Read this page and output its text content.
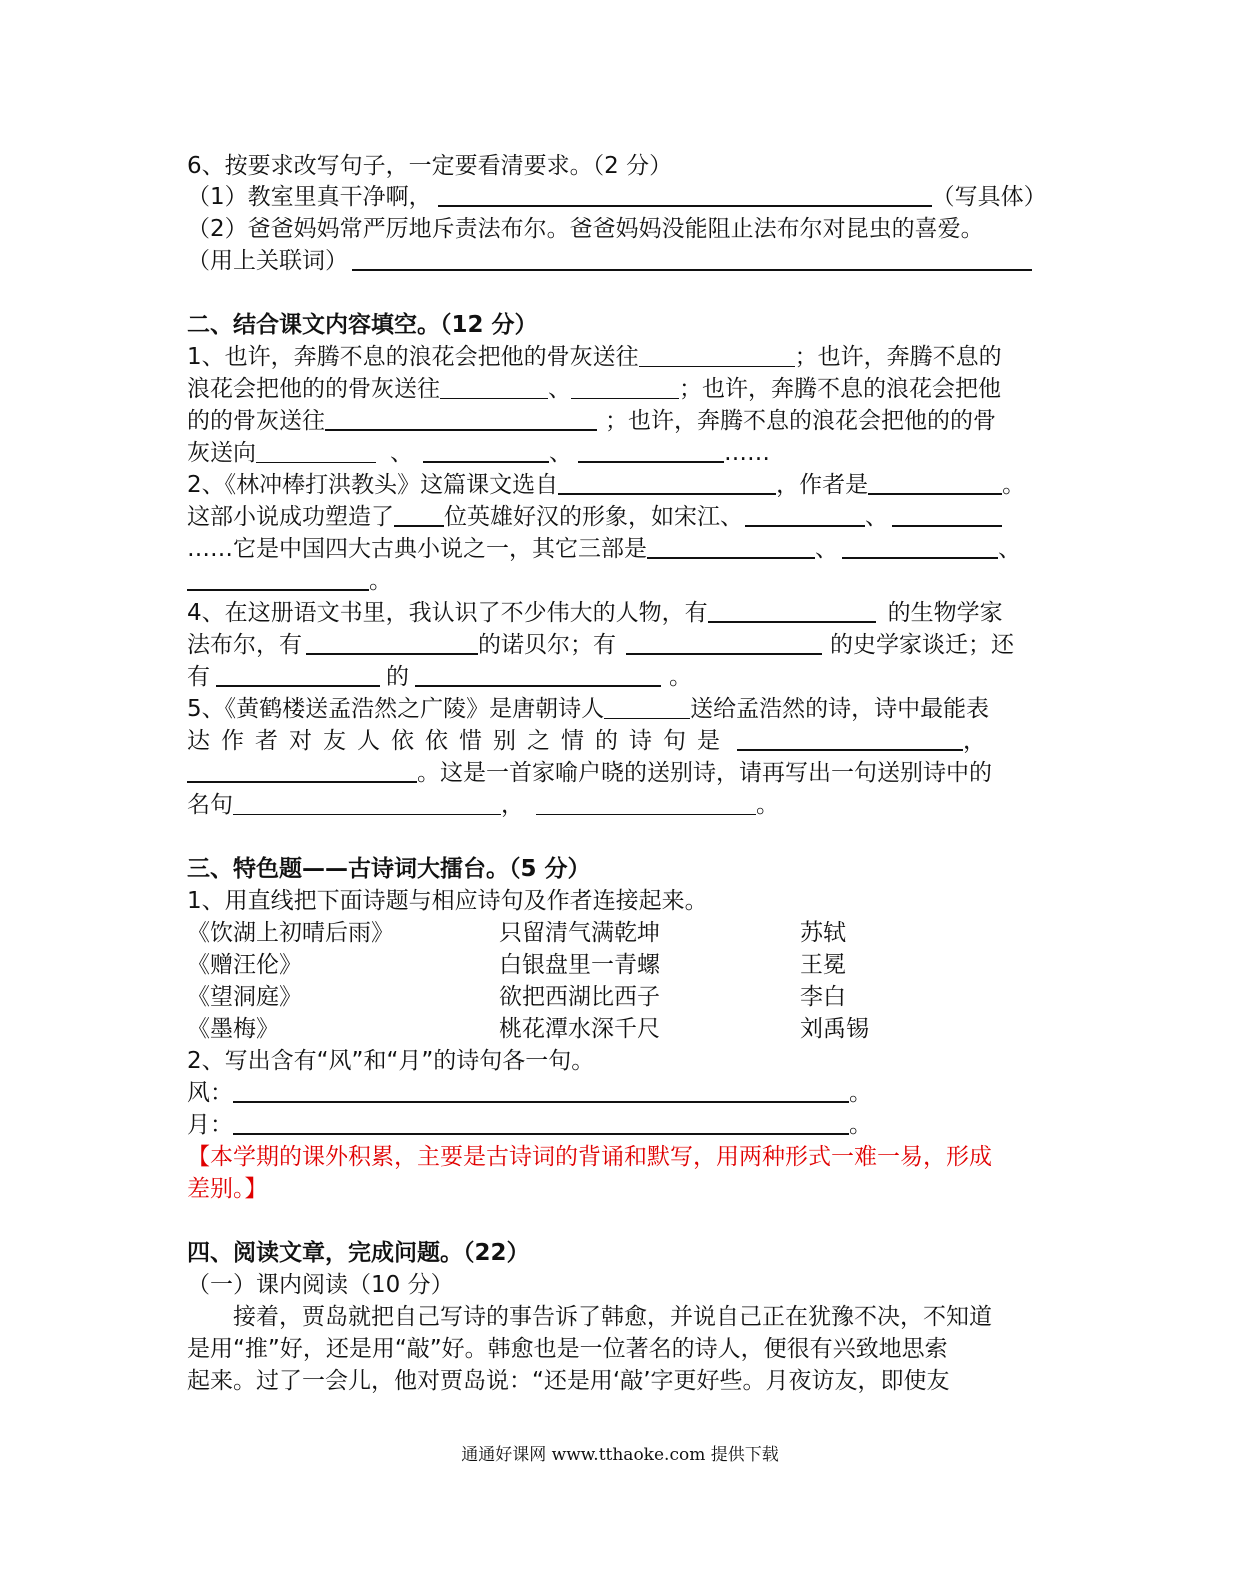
6、按要求改写句子，一定要看清要求。（2 分）
（1）教室里真干净啊，	（写具体）
（2）爸爸妈妈常严厉地斥责法布尔。爸爸妈妈没能阻止法布尔对昆虫的喜爱。
（用上关联词）
二、结合课文内容填空。（12 分）
1、也许，奔腾不息的浪花会把他的骨灰送往	；也许，奔腾不息的
浪花会把他的的骨灰送往	、	；也许，奔腾不息的浪花会把他
的的骨灰送往	；也许，奔腾不息的浪花会把他的的骨
灰送向	、	、	……
2、《林冲棒打洪教头》这篇课文选自	，作者是	。
这部小说成功塑造了 位英雄好汉的形象，如宋江、	、
……它是中国四大古典小说之一，其它三部是	、	、
。
4、在这册语文书里，我认识了不少伟大的人物，有	的生物学家
法布尔，有	的诺贝尔；有	的史学家谈迁；还
有	的	。
5、《黄鹤楼送孟浩然之广陵》是唐朝诗人	送给孟浩然的诗，诗中最能表
达作者对友人依依惜别之情的诗句是	，
。这是一首家喻户晓的送别诗，请再写出一句送别诗中的
名句	，	。
三、特色题——古诗词大擂台。（5 分）
1、用直线把下面诗题与相应诗句及作者连接起来。
《饮湖上初晴后雨》	只留清气满乾坤	苏轼
《赠汪伦》	白银盘里一青螺	王冕
《望洞庭》	欲把西湖比西子	李白
《墨梅》	桃花潭水深千尺	刘禹锡
2、写出含有“风”和“月”的诗句各一句。
风：	。
月：	。
【本学期的课外积累，主要是古诗词的背诵和默写，用两种形式一难一易，形成
差别。】
四、阅读文章，完成问题。（22）
（一）课内阅读（10 分）
接着，贾岛就把自己写诗的事告诉了韩愈，并说自己正在犹豫不决，不知道
是用“推”好，还是用“敲”好。韩愈也是一位著名的诗人，便很有兴致地思索
起来。过了一会儿，他对贾岛说：“还是用‘敲’字更好些。月夜访友，即使友
通通好课网 www.tthaoke.com 提供下载
